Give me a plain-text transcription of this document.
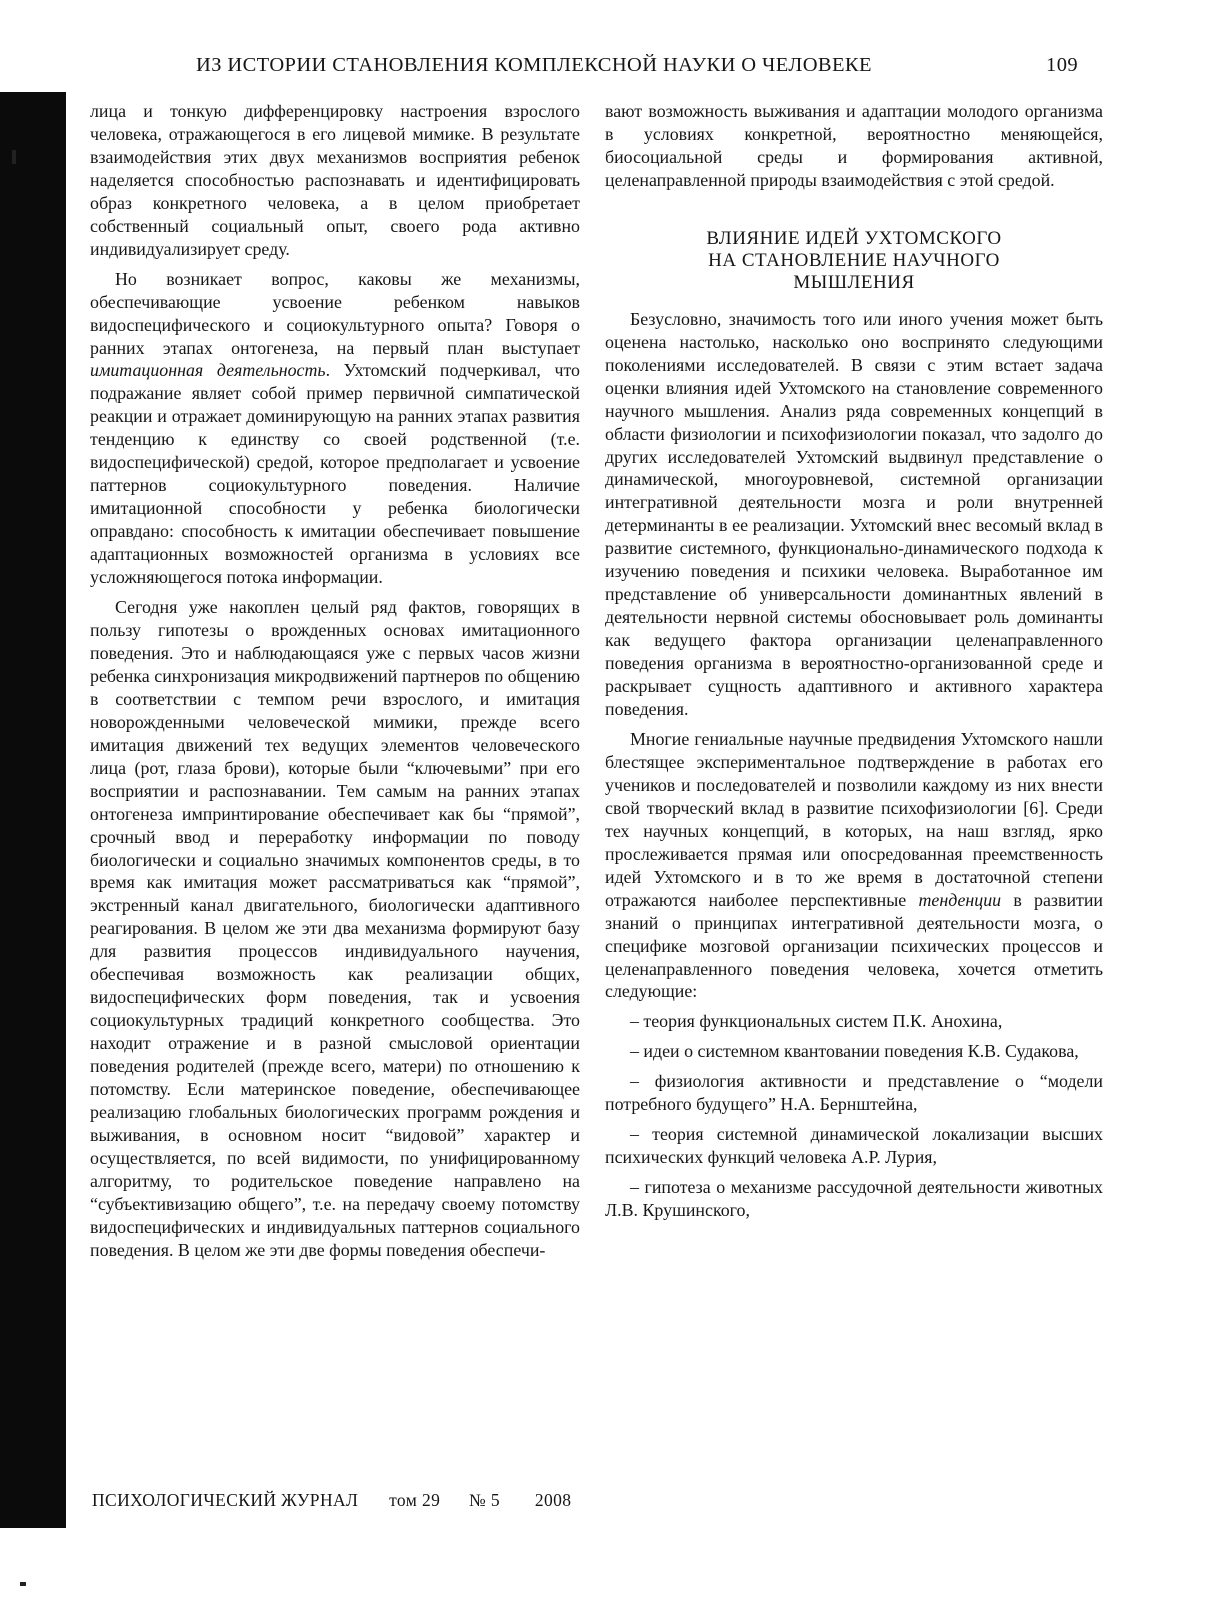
ИЗ ИСТОРИИ СТАНОВЛЕНИЯ КОМПЛЕКСНОЙ НАУКИ О ЧЕЛОВЕКЕ	109

лица и тонкую дифференцировку настроения взрослого человека, отражающегося в его лицевой мимике. В результате взаимодействия этих двух механизмов восприятия ребенок наделяется способностью распознавать и идентифицировать образ конкретного человека, а в целом приобретает собственный социальный опыт, своего рода активно индивидуализирует среду.

Но возникает вопрос, каковы же механизмы, обеспечивающие усвоение ребенком навыков видоспецифического и социокультурного опыта? Говоря о ранних этапах онтогенеза, на первый план выступает имитационная деятельность. Ухтомский подчеркивал, что подражание являет собой пример первичной симпатической реакции и отражает доминирующую на ранних этапах развития тенденцию к единству со своей родственной (т.е. видоспецифической) средой, которое предполагает и усвоение паттернов социокультурного поведения. Наличие имитационной способности у ребенка биологически оправдано: способность к имитации обеспечивает повышение адаптационных возможностей организма в условиях все усложняющегося потока информации.

Сегодня уже накоплен целый ряд фактов, говорящих в пользу гипотезы о врожденных основах имитационного поведения. Это и наблюдающаяся уже с первых часов жизни ребенка синхронизация микродвижений партнеров по общению в соответствии с темпом речи взрослого, и имитация новорожденными человеческой мимики, прежде всего имитация движений тех ведущих элементов человеческого лица (рот, глаза брови), которые были “ключевыми” при его восприятии и распознавании. Тем самым на ранних этапах онтогенеза импринтирование обеспечивает как бы “прямой”, срочный ввод и переработку информации по поводу биологически и социально значимых компонентов среды, в то время как имитация может рассматриваться как “прямой”, экстренный канал двигательного, биологически адаптивного реагирования. В целом же эти два механизма формируют базу для развития процессов индивидуального научения, обеспечивая возможность как реализации общих, видоспецифических форм поведения, так и усвоения социокультурных традиций конкретного сообщества. Это находит отражение и в разной смысловой ориентации поведения родителей (прежде всего, матери) по отношению к потомству. Если материнское поведение, обеспечивающее реализацию глобальных биологических программ рождения и выживания, в основном носит “видовой” характер и осуществляется, по всей видимости, по унифицированному алгоритму, то родительское поведение направлено на “субъективизацию общего”, т.е. на передачу своему потомству видоспецифических и индивидуальных паттернов социального поведения. В целом же эти две формы поведения обеспечи-

вают возможность выживания и адаптации молодого организма в условиях конкретной, вероятностно меняющейся, биосоциальной среды и формирования активной, целенаправленной природы взаимодействия с этой средой.

ВЛИЯНИЕ ИДЕЙ УХТОМСКОГО
НА СТАНОВЛЕНИЕ НАУЧНОГО
МЫШЛЕНИЯ

Безусловно, значимость того или иного учения может быть оценена настолько, насколько оно воспринято следующими поколениями исследователей. В связи с этим встает задача оценки влияния идей Ухтомского на становление современного научного мышления. Анализ ряда современных концепций в области физиологии и психофизиологии показал, что задолго до других исследователей Ухтомский выдвинул представление о динамической, многоуровневой, системной организации интегративной деятельности мозга и роли внутренней детерминанты в ее реализации. Ухтомский внес весомый вклад в развитие системного, функционально-динамического подхода к изучению поведения и психики человека. Выработанное им представление об универсальности доминантных явлений в деятельности нервной системы обосновывает роль доминанты как ведущего фактора организации целенаправленного поведения организма в вероятностно-организованной среде и раскрывает сущность адаптивного и активного характера поведения.

Многие гениальные научные предвидения Ухтомского нашли блестящее экспериментальное подтверждение в работах его учеников и последователей и позволили каждому из них внести свой творческий вклад в развитие психофизиологии [6]. Среди тех научных концепций, в которых, на наш взгляд, ярко прослеживается прямая или опосредованная преемственность идей Ухтомского и в то же время в достаточной степени отражаются наиболее перспективные тенденции в развитии знаний о принципах интегративной деятельности мозга, о специфике мозговой организации психических процессов и целенаправленного поведения человека, хочется отметить следующие:

– теория функциональных систем П.К. Анохина,

– идеи о системном квантовании поведения К.В. Судакова,

– физиология активности и представление о “модели потребного будущего” Н.А. Бернштейна,

– теория системной динамической локализации высших психических функций человека А.Р. Лурия,

– гипотеза о механизме рассудочной деятельности животных Л.В. Крушинского,

ПСИХОЛОГИЧЕСКИЙ ЖУРНАЛ том 29 № 5 2008
